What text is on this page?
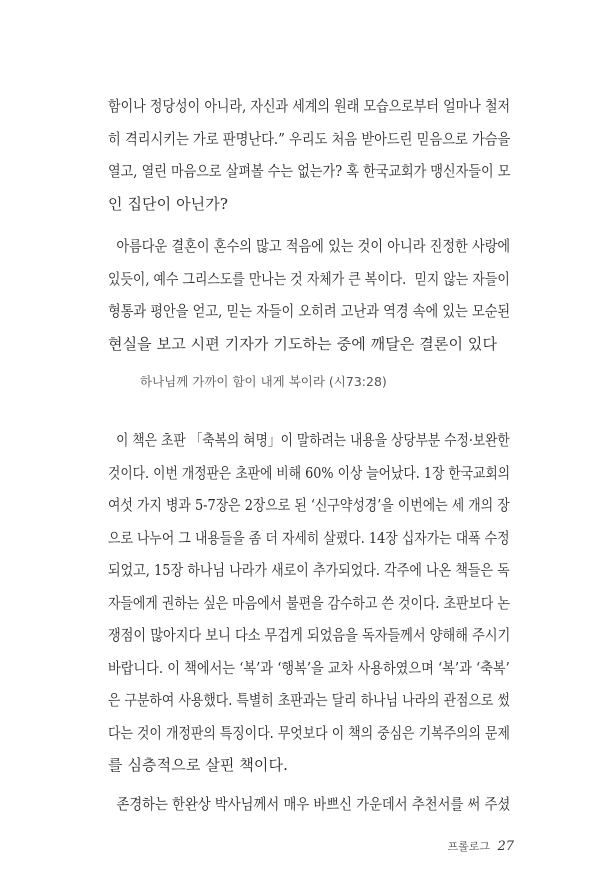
함이나 정당성이 아니라, 자신과 세계의 원래 모습으로부터 얼마나 철저
히 격리시키는 가로 판명난다.” 우리도 처음 받아드린 믿음으로 가슴을
열고, 열린 마음으로 살펴볼 수는 없는가? 혹 한국교회가 맹신자들이 모
인 집단이 아닌가?
아름다운 결혼이 혼수의 많고 적음에 있는 것이 아니라 진정한 사랑에
있듯이, 예수 그리스도를 만나는 것 자체가 큰 복이다.  믿지 않는 자들이
형통과 평안을 얻고, 믿는 자들이 오히려 고난과 역경 속에 있는 모순된
현실을 보고 시편 기자가 기도하는 중에 깨달은 결론이 있다
하나님께 가까이 함이 내게 복이라 (시73:28)
이 책은 초판 「축복의 혀명」이 말하려는 내용을 상당부분 수정·보완한
것이다. 이번 개정판은 초판에 비해 60% 이상 늘어났다. 1장 한국교회의
여섯 가지 병과 5-7장은 2장으로 된 ‘신구약성경’을 이번에는 세 개의 장
으로 나누어 그 내용들을 좀 더 자세히 살폈다. 14장 십자가는 대폭 수정
되었고, 15장 하나님 나라가 새로이 추가되었다. 각주에 나온 책들은 독
자들에게 권하는 싶은 마음에서 불편을 감수하고 쓴 것이다. 초판보다 논
쟁점이 많아지다 보니 다소 무겁게 되었음을 독자들께서 양해해 주시기
바랍니다. 이 책에서는 ‘복’과 ‘행복’을 교차 사용하였으며 ‘복’과 ‘축복’
은 구분하여 사용했다. 특별히 초판과는 달리 하나님 나라의 관점으로 썼
다는 것이 개정판의 특징이다. 무엇보다 이 책의 중심은 기복주의의 문제
를 심층적으로 살핀 책이다.
존경하는 한완상 박사님께서 매우 바쁘신 가운데서 추천서를 써 주셨
프롤로그 27
